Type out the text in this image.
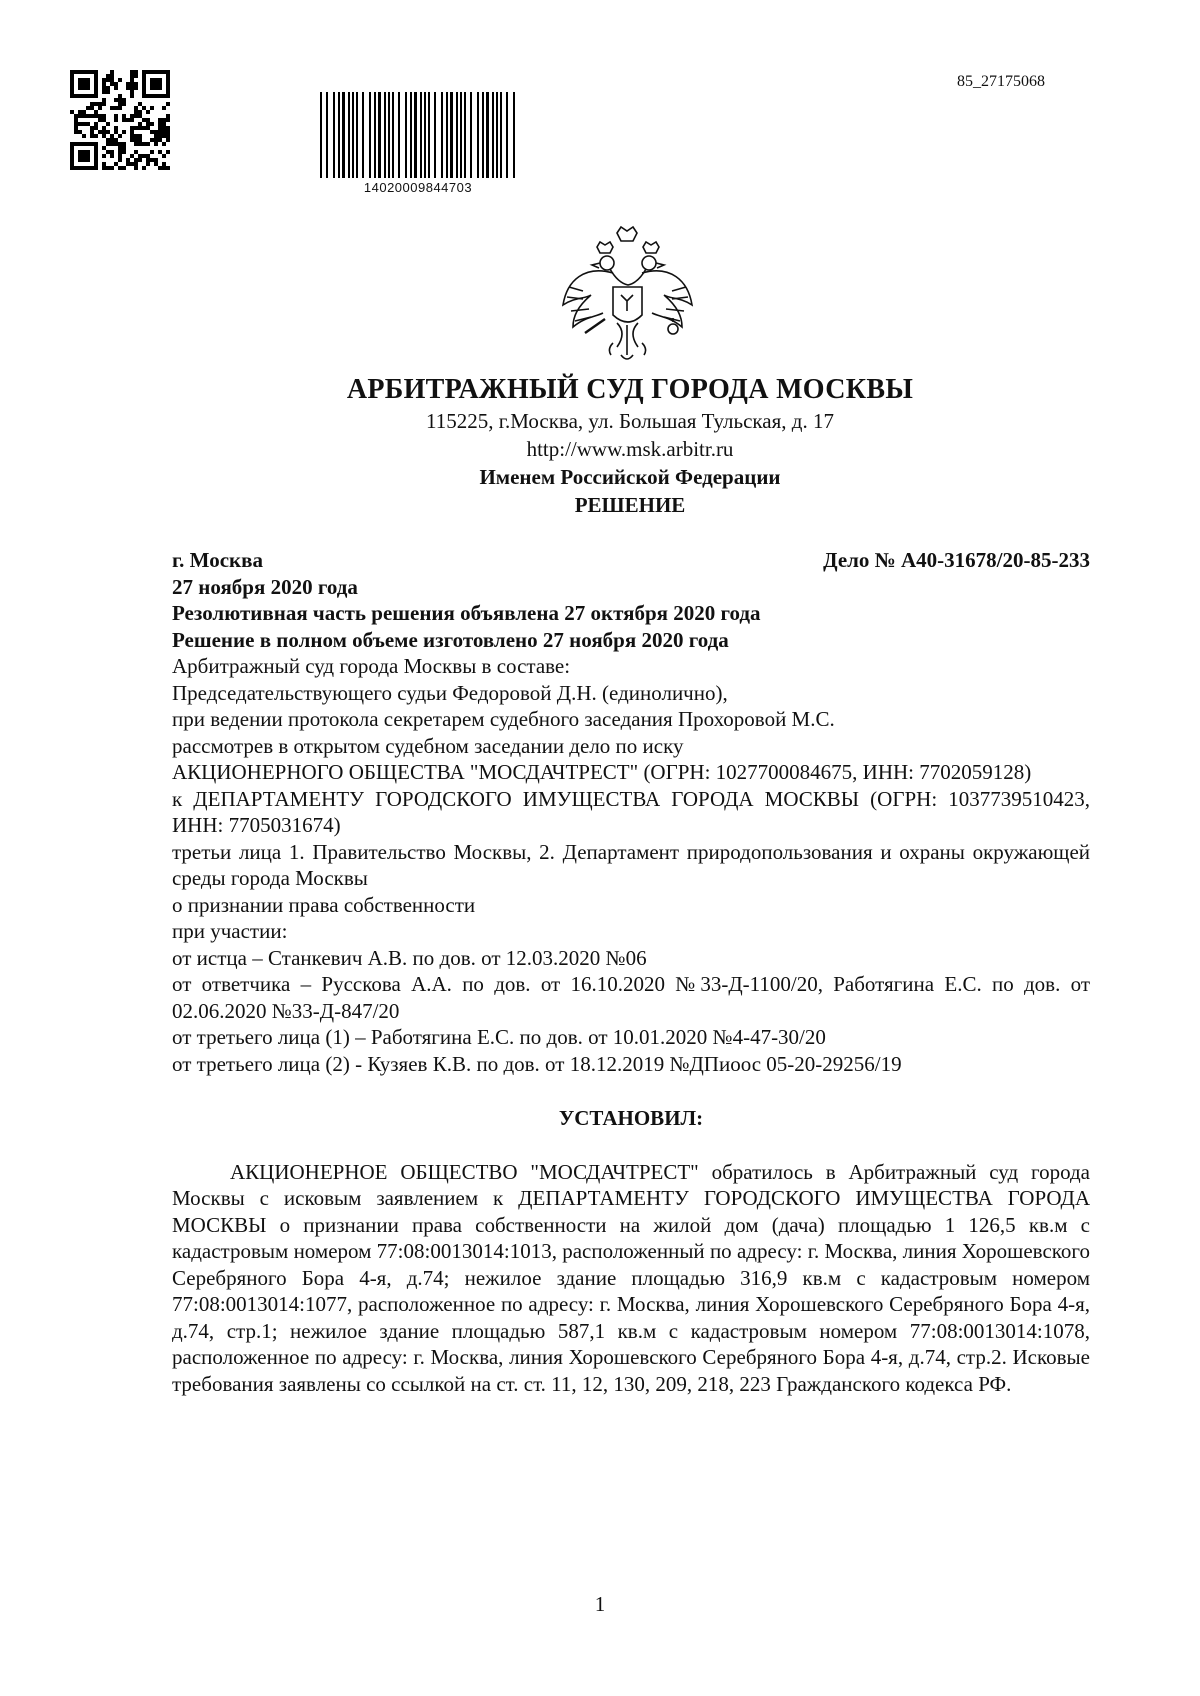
85_27175068
14020009844703
АРБИТРАЖНЫЙ СУД ГОРОДА МОСКВЫ
115225, г.Москва, ул. Большая Тульская, д. 17
http://www.msk.arbitr.ru
Именем Российской Федерации
РЕШЕНИЕ
г. Москва	Дело № А40-31678/20-85-233
27 ноября 2020 года
Резолютивная часть решения объявлена 27 октября 2020 года
Решение в полном объеме изготовлено 27 ноября 2020 года
Арбитражный суд города Москвы в составе:
Председательствующего судьи Федоровой Д.Н. (единолично),
при ведении протокола секретарем судебного заседания Прохоровой М.С.
рассмотрев в открытом судебном заседании дело по иску
АКЦИОНЕРНОГО ОБЩЕСТВА "МОСДАЧТРЕСТ" (ОГРН: 1027700084675, ИНН: 7702059128)
к ДЕПАРТАМЕНТУ ГОРОДСКОГО ИМУЩЕСТВА ГОРОДА МОСКВЫ (ОГРН: 1037739510423, ИНН: 7705031674)
третьи лица 1. Правительство Москвы, 2. Департамент природопользования и охраны окружающей среды города Москвы
о признании права собственности
при участии:
от истца – Станкевич А.В. по дов. от 12.03.2020 №06
от ответчика – Русскова А.А. по дов. от 16.10.2020 №33-Д-1100/20, Работягина Е.С. по дов. от 02.06.2020 №33-Д-847/20
от третьего лица (1) – Работягина Е.С. по дов. от 10.01.2020 №4-47-30/20
от третьего лица (2) - Кузяев К.В. по дов. от 18.12.2019 №ДПиоос 05-20-29256/19
УСТАНОВИЛ:
АКЦИОНЕРНОЕ ОБЩЕСТВО "МОСДАЧТРЕСТ" обратилось в Арбитражный суд города Москвы с исковым заявлением к ДЕПАРТАМЕНТУ ГОРОДСКОГО ИМУЩЕСТВА ГОРОДА МОСКВЫ о признании права собственности на жилой дом (дача) площадью 1 126,5 кв.м с кадастровым номером 77:08:0013014:1013, расположенный по адресу: г. Москва, линия Хорошевского Серебряного Бора 4-я, д.74; нежилое здание площадью 316,9 кв.м с кадастровым номером 77:08:0013014:1077, расположенное по адресу: г. Москва, линия Хорошевского Серебряного Бора 4-я, д.74, стр.1; нежилое здание площадью 587,1 кв.м с кадастровым номером 77:08:0013014:1078, расположенное по адресу: г. Москва, линия Хорошевского Серебряного Бора 4-я, д.74, стр.2. Исковые требования заявлены со ссылкой на ст. ст. 11, 12, 130, 209, 218, 223 Гражданского кодекса РФ.
1
